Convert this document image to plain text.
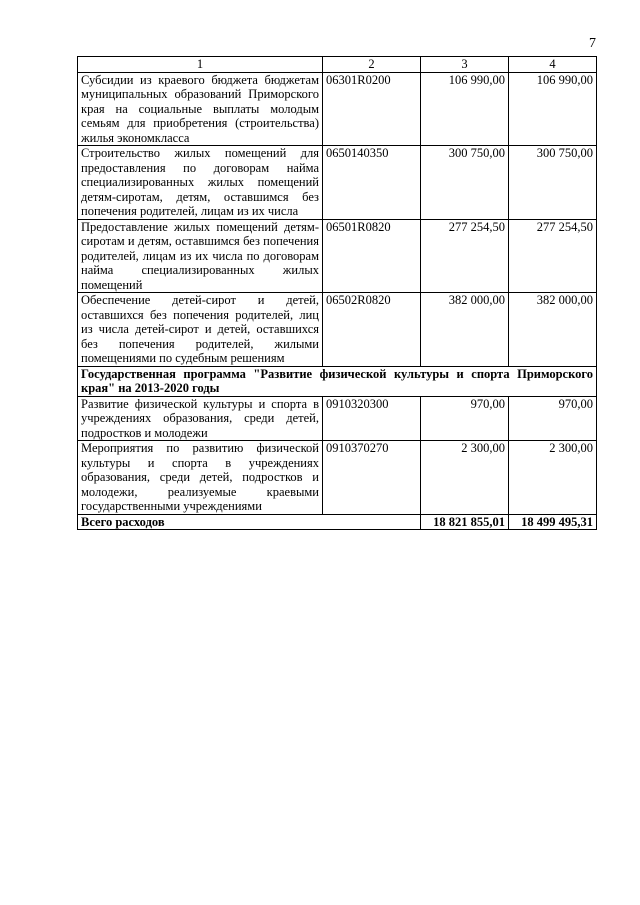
7
1	2	3	4
Субсидии из краевого бюджета бюджетам муниципальных образований Приморского края на социальные выплаты молодым семьям для приобретения (строительства) жилья экономкласса	06301R0200	106 990,00	106 990,00
Строительство жилых помещений для предоставления по договорам найма специализированных жилых помещений детям-сиротам, детям, оставшимся без попечения родителей, лицам из их числа	0650140350	300 750,00	300 750,00
Предоставление жилых помещений детям-сиротам и детям, оставшимся без попечения родителей, лицам из их числа по договорам найма специализированных жилых помещений	06501R0820	277 254,50	277 254,50
Обеспечение детей-сирот и детей, оставшихся без попечения родителей, лиц из числа детей-сирот и детей, оставшихся без попечения родителей, жилыми помещениями по судебным решениям	06502R0820	382 000,00	382 000,00
Государственная программа "Развитие физической культуры и спорта Приморского края" на 2013-2020 годы			
Развитие физической культуры и спорта в учреждениях образования, среди детей, подростков и молодежи	0910320300	970,00	970,00
Мероприятия по развитию физической культуры и спорта в учреждениях образования, среди детей, подростков и молодежи, реализуемые краевыми государственными учреждениями	0910370270	2 300,00	2 300,00
Всего расходов		18 821 855,01	18 499 495,31
